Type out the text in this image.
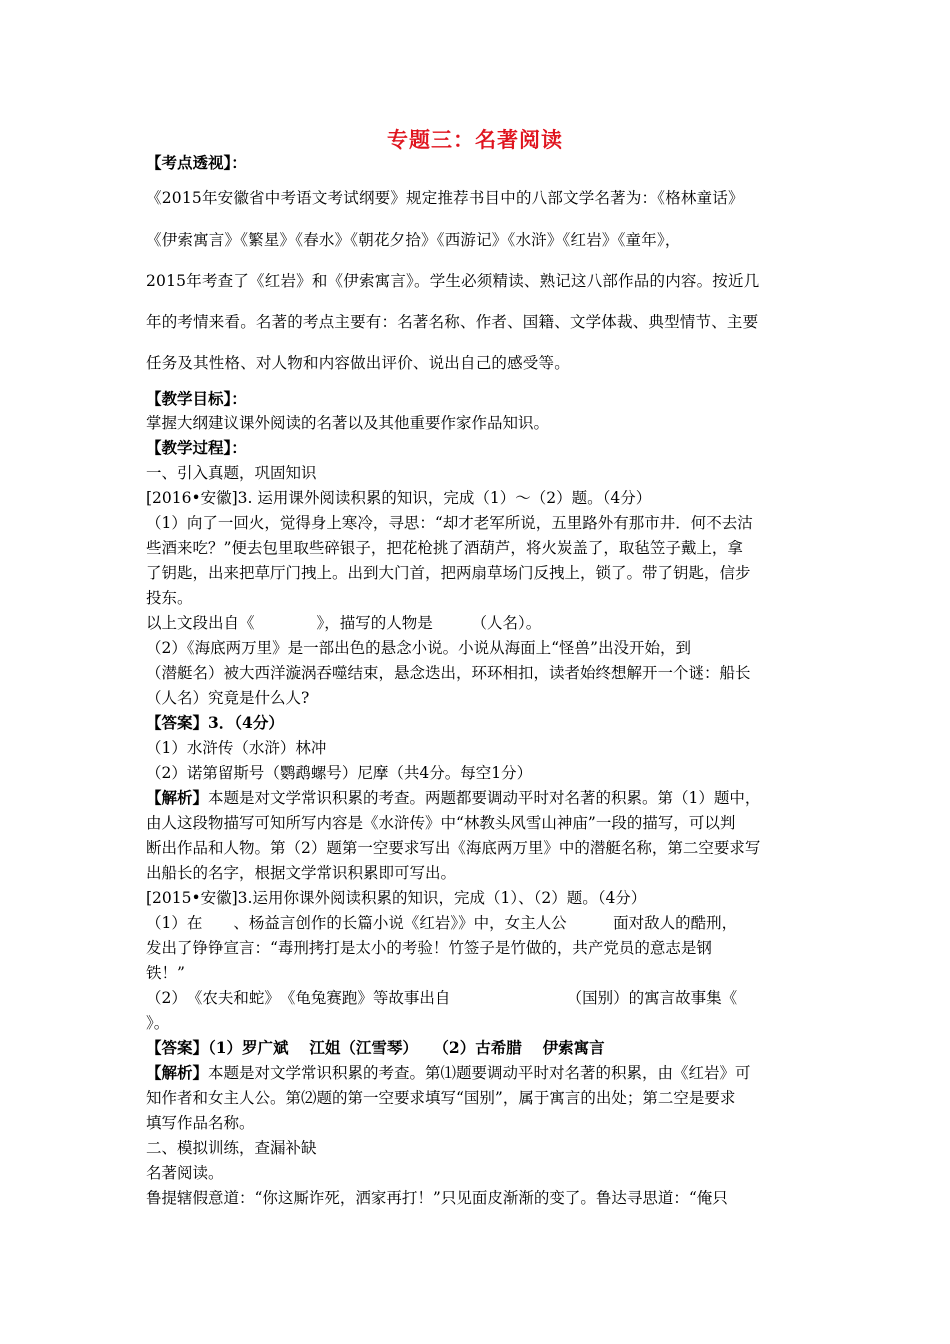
专题三：名著阅读
【考点透视】：
《2015年安徽省中考语文考试纲要》规定推荐书目中的八部文学名著为：《格林童话》
《伊索寓言》《繁星》《春水》《朝花夕拾》《西游记》《水浒》《红岩》《童年》，
2015年考查了《红岩》和《伊索寓言》。学生必须精读、熟记这八部作品的内容。按近几
年的考情来看。名著的考点主要有：名著名称、作者、国籍、文学体裁、典型情节、主要
任务及其性格、对人物和内容做出评价、说出自己的感受等。
【教学目标】：
掌握大纲建议课外阅读的名著以及其他重要作家作品知识。
【教学过程】：
一、引入真题，巩固知识
[2016•安徽]3. 运用课外阅读积累的知识，完成（1）～（2）题。（4分）
（1）向了一回火，觉得身上寒冷，寻思：“却才老军所说，五里路外有那市井．何不去沽
些酒来吃？”便去包里取些碎银子，把花枪挑了酒葫芦，将火炭盖了，取毡笠子戴上，拿
了钥匙，出来把草厅门拽上。出到大门首，把两扇草场门反拽上，锁了。带了钥匙，信步
投东。
以上文段出自《　　　　》，描写的人物是　　　（人名）。
（2）《海底两万里》是一部出色的悬念小说。小说从海面上“怪兽”出没开始，到
（潜艇名）被大西洋漩涡吞噬结束，悬念迭出，环环相扣，读者始终想解开一个谜：船长
（人名）究竟是什么人?
【答案】3．（4分）
（1）水浒传（水浒）林冲
（2）诺第留斯号（鹦鹉螺号）尼摩（共4分。每空1分）
【解析】本题是对文学常识积累的考查。两题都要调动平时对名著的积累。第（1）题中，
由人这段物描写可知所写内容是《水浒传》中“林教头风雪山神庙”一段的描写，可以判
断出作品和人物。第（2）题第一空要求写出《海底两万里》中的潜艇名称，第二空要求写
出船长的名字，根据文学常识积累即可写出。
[2015•安徽]3.运用你课外阅读积累的知识，完成（1）、（2）题。（4分）
（1）在　　、杨益言创作的长篇小说《红岩》》中，女主人公　　　面对敌人的酷刑，
发出了铮铮宣言：“毒刑拷打是太小的考验！竹签子是竹做的，共产党员的意志是钢
铁！”
（2）　《农夫和蛇》　《龟兔赛跑》等故事出自　　　　　　　　（国别）的寓言故事集《
》。
【答案】（1）罗广斌　 江姐（江雪琴）　　（2）古希腊　 伊索寓言
【解析】本题是对文学常识积累的考查。第⑴题要调动平时对名著的积累，由《红岩》可
知作者和女主人公。第⑵题的第一空要求填写“国别”，属于寓言的出处；第二空是要求
填写作品名称。
二、模拟训练，查漏补缺
名著阅读。
鲁提辖假意道：“你这厮诈死，洒家再打！”只见面皮渐渐的变了。鲁达寻思道：“俺只
